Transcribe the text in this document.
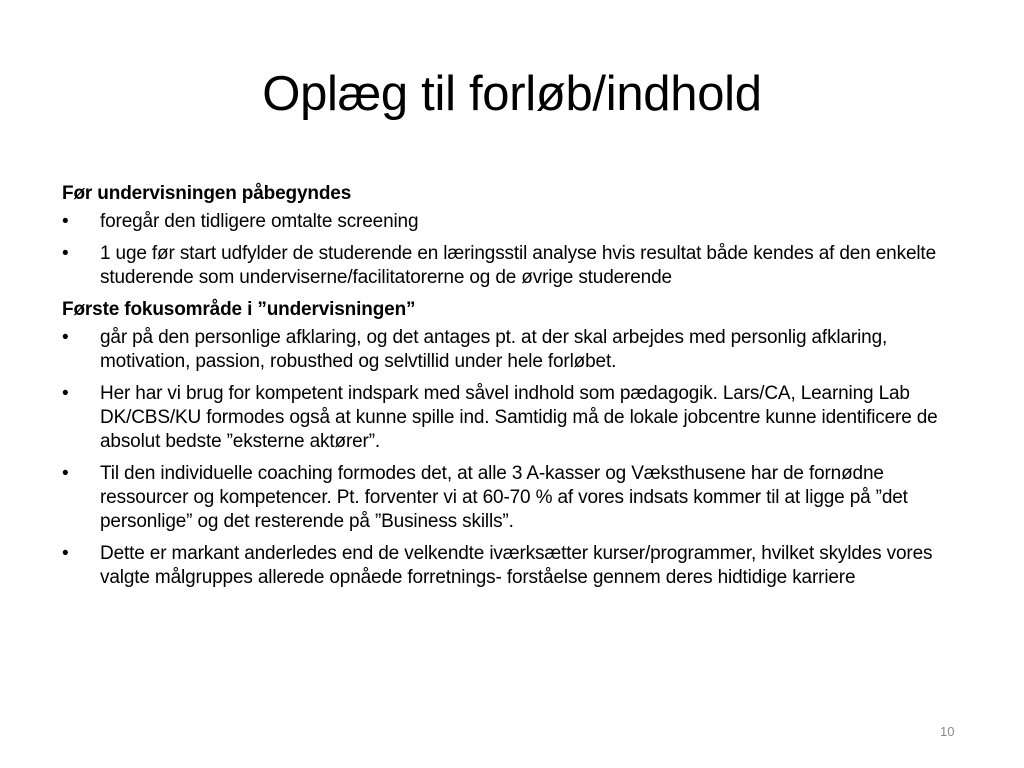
Oplæg til forløb/indhold
Før undervisningen påbegyndes
•	foregår den tidligere omtalte screening
•	1 uge før start udfylder de studerende en læringsstil analyse hvis resultat både kendes af den enkelte studerende som underviserne/facilitatorerne og de øvrige studerende
Første fokusområde i ”undervisningen”
•	går på den personlige afklaring, og det antages pt. at der skal arbejdes med personlig afklaring, motivation, passion, robusthed og selvtillid under hele forløbet.
•	Her har vi brug for kompetent indspark med såvel indhold som pædagogik. Lars/CA, Learning Lab DK/CBS/KU formodes også at kunne spille ind. Samtidig må de lokale jobcentre kunne identificere de absolut bedste ”eksterne aktører”.
•	Til den individuelle coaching formodes det, at alle 3 A-kasser og Væksthusene har de fornødne ressourcer og kompetencer. Pt. forventer vi at 60-70 % af vores indsats kommer til at ligge på ”det personlige” og det resterende på ”Business skills”.
•	Dette er markant anderledes end de velkendte iværksætter kurser/programmer, hvilket skyldes vores valgte målgruppes allerede opnåede forretnings- forståelse gennem deres hidtidige karriere
10
